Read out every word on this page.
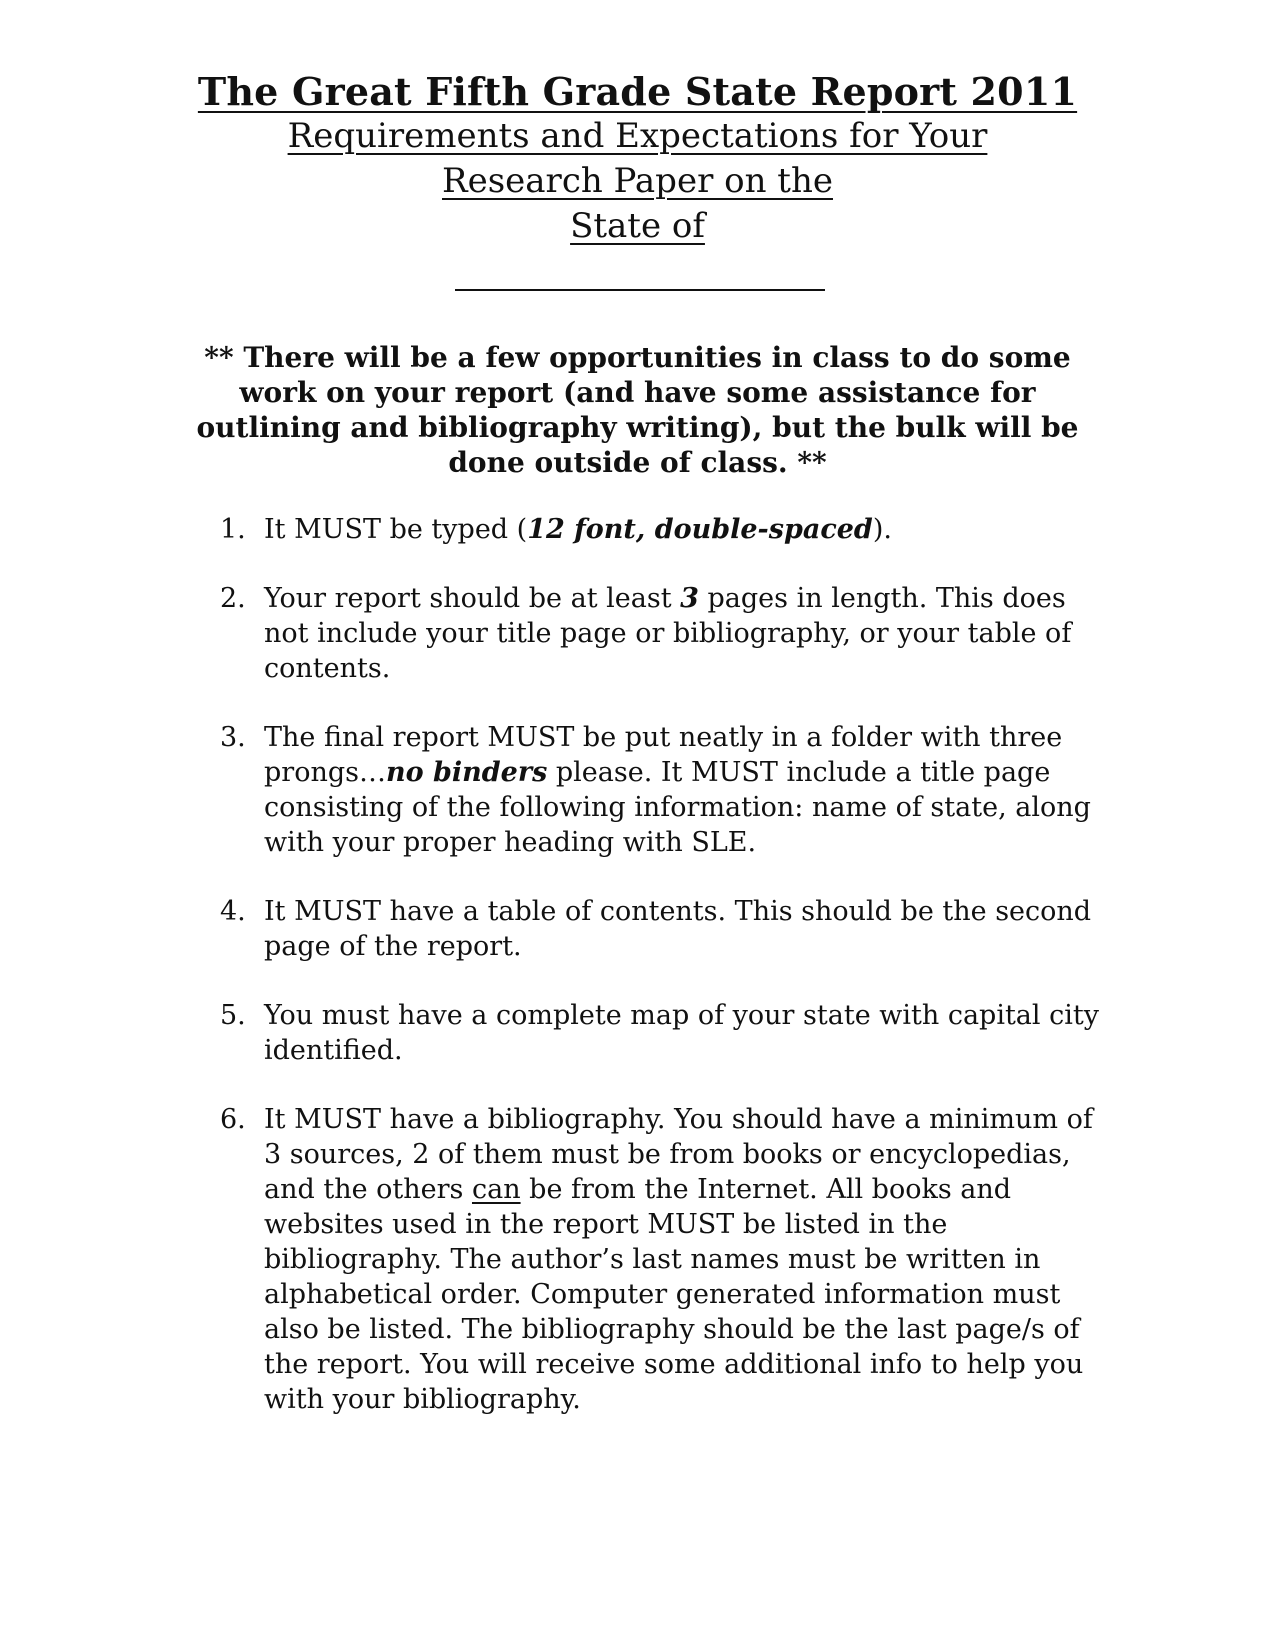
The Great Fifth Grade State Report 2011
Requirements and Expectations for Your
Research Paper on the
State of
** There will be a few opportunities in class to do some work on your report (and have some assistance for outlining and bibliography writing), but the bulk will be done outside of class. **
1. It MUST be typed (12 font, double-spaced).
2. Your report should be at least 3 pages in length. This does not include your title page or bibliography, or your table of contents.
3. The final report MUST be put neatly in a folder with three prongs…no binders please. It MUST include a title page consisting of the following information: name of state, along with your proper heading with SLE.
4. It MUST have a table of contents. This should be the second page of the report.
5. You must have a complete map of your state with capital city identified.
6. It MUST have a bibliography. You should have a minimum of 3 sources, 2 of them must be from books or encyclopedias, and the others can be from the Internet. All books and websites used in the report MUST be listed in the bibliography. The author’s last names must be written in alphabetical order. Computer generated information must also be listed. The bibliography should be the last page/s of the report. You will receive some additional info to help you with your bibliography.
